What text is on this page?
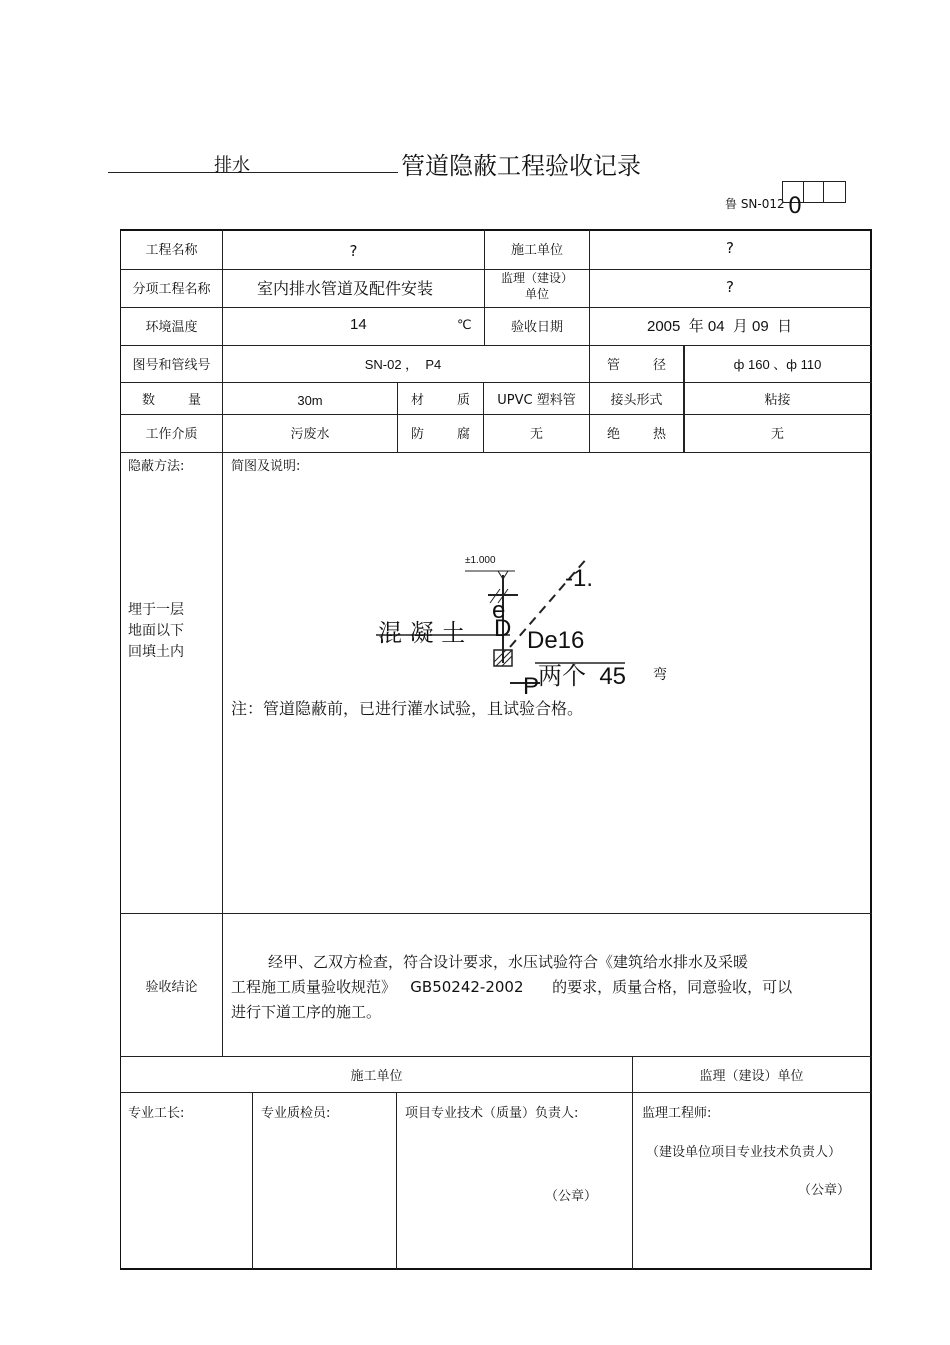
排水	管道隐蔽工程验收记录
鲁 SN-012 0
工程名称	?	施工单位	?
分项工程名称	室内排水管道及配件安装
监理（建设）
单位	?
环境温度	14	℃	验收日期	2005  年 04  月 09  日
图号和管线号	SN-02 ，  P4	管        径	ф 160 、ф 110
数        量	30m	材        质	UPVC 塑料管	接头形式	粘接
工作介质	污废水	防        腐	无	绝        热	无
隐蔽方法:
埋于一层
地面以下
回填土内
简图及说明:
±1.000
-1.
混 凝 土
e
D De16
两个  45 弯
P
注：管道隐蔽前，已进行灌水试验，且试验合格。
验收结论
经甲、乙双方检查，符合设计要求，水压试验符合《建筑给水排水及采暖
工程施工质量验收规范》   GB50242-2002      的要求，质量合格，同意验收，可以
进行下道工序的施工。
施工单位	监理（建设）单位
专业工长:	专业质检员:	项目专业技术（质量）负责人:
（公章）
监理工程师:
（建设单位项目专业技术负责人）
（公章）
